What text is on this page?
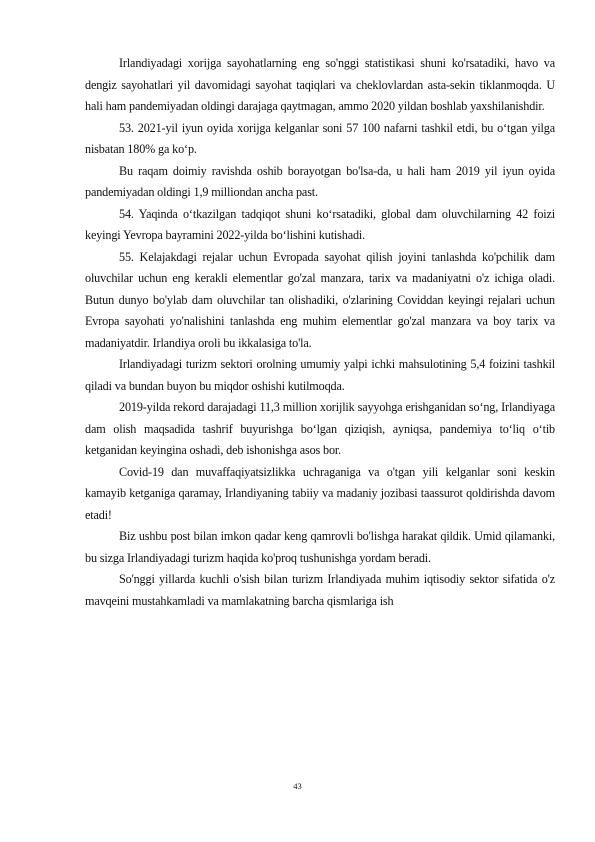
Irlandiyadagi xorijga sayohatlarning eng so'nggi statistikasi shuni ko'rsatadiki, havo va dengiz sayohatlari yil davomidagi sayohat taqiqlari va cheklovlardan asta-sekin tiklanmoqda. U hali ham pandemiyadan oldingi darajaga qaytmagan, ammo 2020 yildan boshlab yaxshilanishdir.

53. 2021-yil iyun oyida xorijga kelganlar soni 57 100 nafarni tashkil etdi, bu o‘tgan yilga nisbatan 180% ga ko‘p.

Bu raqam doimiy ravishda oshib borayotgan bo'lsa-da, u hali ham 2019 yil iyun oyida pandemiyadan oldingi 1,9 milliondan ancha past.

54. Yaqinda o‘tkazilgan tadqiqot shuni ko‘rsatadiki, global dam oluvchilarning 42 foizi keyingi Yevropa bayramini 2022-yilda bo‘lishini kutishadi.

55. Kelajakdagi rejalar uchun Evropada sayohat qilish joyini tanlashda ko'pchilik dam oluvchilar uchun eng kerakli elementlar go'zal manzara, tarix va madaniyatni o'z ichiga oladi. Butun dunyo bo'ylab dam oluvchilar tan olishadiki, o'zlarining Coviddan keyingi rejalari uchun Evropa sayohati yo'nalishini tanlashda eng muhim elementlar go'zal manzara va boy tarix va madaniyatdir. Irlandiya oroli bu ikkalasiga to'la.

Irlandiyadagi turizm sektori orolning umumiy yalpi ichki mahsulotining 5,4 foizini tashkil qiladi va bundan buyon bu miqdor oshishi kutilmoqda.

2019-yilda rekord darajadagi 11,3 million xorijlik sayyohga erishganidan so‘ng, Irlandiyaga dam olish maqsadida tashrif buyurishga bo‘lgan qiziqish, ayniqsa, pandemiya to‘liq o‘tib ketganidan keyingina oshadi, deb ishonishga asos bor.

Covid-19 dan muvaffaqiyatsizlikka uchraganiga va o'tgan yili kelganlar soni keskin kamayib ketganiga qaramay, Irlandiyaning tabiiy va madaniy jozibasi taassurot qoldirishda davom etadi!

Biz ushbu post bilan imkon qadar keng qamrovli bo'lishga harakat qildik. Umid qilamanki, bu sizga Irlandiyadagi turizm haqida ko'proq tushunishga yordam beradi.

So'nggi yillarda kuchli o'sish bilan turizm Irlandiyada muhim iqtisodiy sektor sifatida o'z mavqeini mustahkamladi va mamlakatning barcha qismlariga ish

43
